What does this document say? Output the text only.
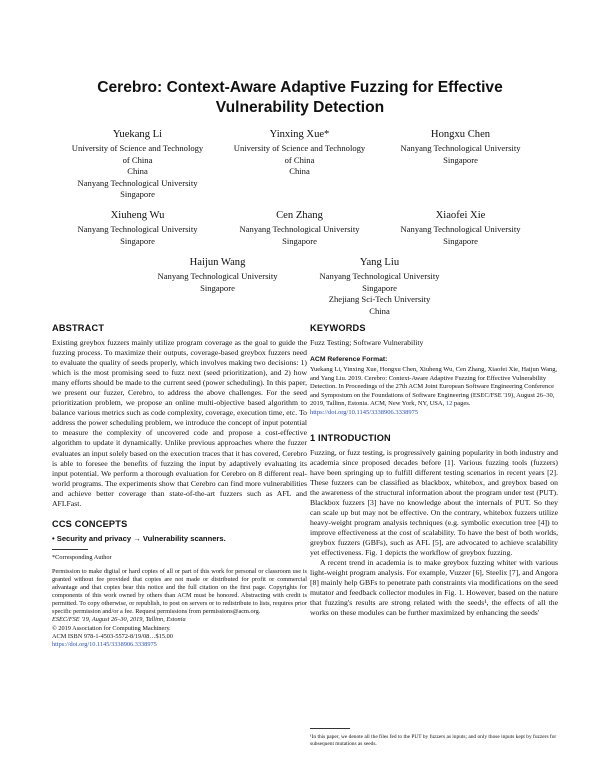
Cerebro: Context-Aware Adaptive Fuzzing for Effective
Vulnerability Detection
Yuekang Li
University of Science and Technology
of China
China
Nanyang Technological University
Singapore
Yinxing Xue*
University of Science and Technology
of China
China
Hongxu Chen
Nanyang Technological University
Singapore
Xiuheng Wu
Nanyang Technological University
Singapore
Cen Zhang
Nanyang Technological University
Singapore
Xiaofei Xie
Nanyang Technological University
Singapore
Haijun Wang
Nanyang Technological University
Singapore
Yang Liu
Nanyang Technological University
Singapore
Zhejiang Sci-Tech University
China
ABSTRACT

Existing greybox fuzzers mainly utilize program coverage as the goal to guide the fuzzing process. To maximize their outputs, coverage-based greybox fuzzers need to evaluate the quality of seeds properly, which involves making two decisions: 1) which is the most promising seed to fuzz next (seed prioritization), and 2) how many efforts should be made to the current seed (power scheduling). In this paper, we present our fuzzer, Cerebro, to address the above challenges. For the seed prioritization problem, we propose an online multi-objective based algorithm to balance various metrics such as code complexity, coverage, execution time, etc. To address the power scheduling problem, we introduce the concept of input potential to measure the complexity of uncovered code and propose a cost-effective algorithm to update it dynamically. Unlike previous approaches where the fuzzer evaluates an input solely based on the execution traces that it has covered, Cerebro is able to foresee the benefits of fuzzing the input by adaptively evaluating its input potential. We perform a thorough evaluation for Cerebro on 8 different real-world programs. The experiments show that Cerebro can find more vulnerabilities and achieve better coverage than state-of-the-art fuzzers such as AFL and AFLFast.

CCS CONCEPTS

• Security and privacy → Vulnerability scanners.

*Corresponding Author

Permission to make digital or hard copies of all or part of this work for personal or classroom use is granted without fee provided that copies are not made or distributed for profit or commercial advantage and that copies bear this notice and the full citation on the first page. Copyrights for components of this work owned by others than ACM must be honored. Abstracting with credit is permitted. To copy otherwise, or republish, to post on servers or to redistribute to lists, requires prior specific permission and/or a fee. Request permissions from permissions@acm.org.

ESEC/FSE '19, August 26–30, 2019, Tallinn, Estonia

© 2019 Association for Computing Machinery.

ACM ISBN 978-1-4503-5572-8/19/08…$15.00

https://doi.org/10.1145/3338906.3338975

KEYWORDS

Fuzz Testing; Software Vulnerability

ACM Reference Format:

Yuekang Li, Yinxing Xue, Hongxu Chen, Xiuheng Wu, Cen Zhang, Xiaofei Xie, Haijun Wang, and Yang Liu. 2019. Cerebro: Context-Aware Adaptive Fuzzing for Effective Vulnerability Detection. In Proceedings of the 27th ACM Joint European Software Engineering Conference and Symposium on the Foundations of Software Engineering (ESEC/FSE '19), August 26–30, 2019, Tallinn, Estonia. ACM, New York, NY, USA, 12 pages. https://doi.org/10.1145/3338906.3338975

1 INTRODUCTION

Fuzzing, or fuzz testing, is progressively gaining popularity in both industry and academia since proposed decades before [1]. Various fuzzing tools (fuzzers) have been springing up to fulfill different testing scenarios in recent years [2]. These fuzzers can be classified as blackbox, whitebox, and greybox based on the awareness of the structural information about the program under test (PUT). Blackbox fuzzers [3] have no knowledge about the internals of PUT. So they can scale up but may not be effective. On the contrary, whitebox fuzzers utilize heavy-weight program analysis techniques (e.g. symbolic execution tree [4]) to improve effectiveness at the cost of scalability. To have the best of both worlds, greybox fuzzers (GBFs), such as AFL [5], are advocated to achieve scalability yet effectiveness. Fig. 1 depicts the workflow of greybox fuzzing.

A recent trend in academia is to make greybox fuzzing whiter with various light-weight program analysis. For example, Vuzzer [6], Steelix [7], and Angora [8] mainly help GBFs to penetrate path constraints via modifications on the seed mutator and feedback collector modules in Fig. 1. However, based on the nature that fuzzing's results are strong related with the seeds¹, the effects of all the works on these modules can be further maximized by enhancing the seeds'

¹In this paper, we denote all the files fed to the PUT by fuzzers as inputs; and only those inputs kept by fuzzers for subsequent mutations as seeds.
